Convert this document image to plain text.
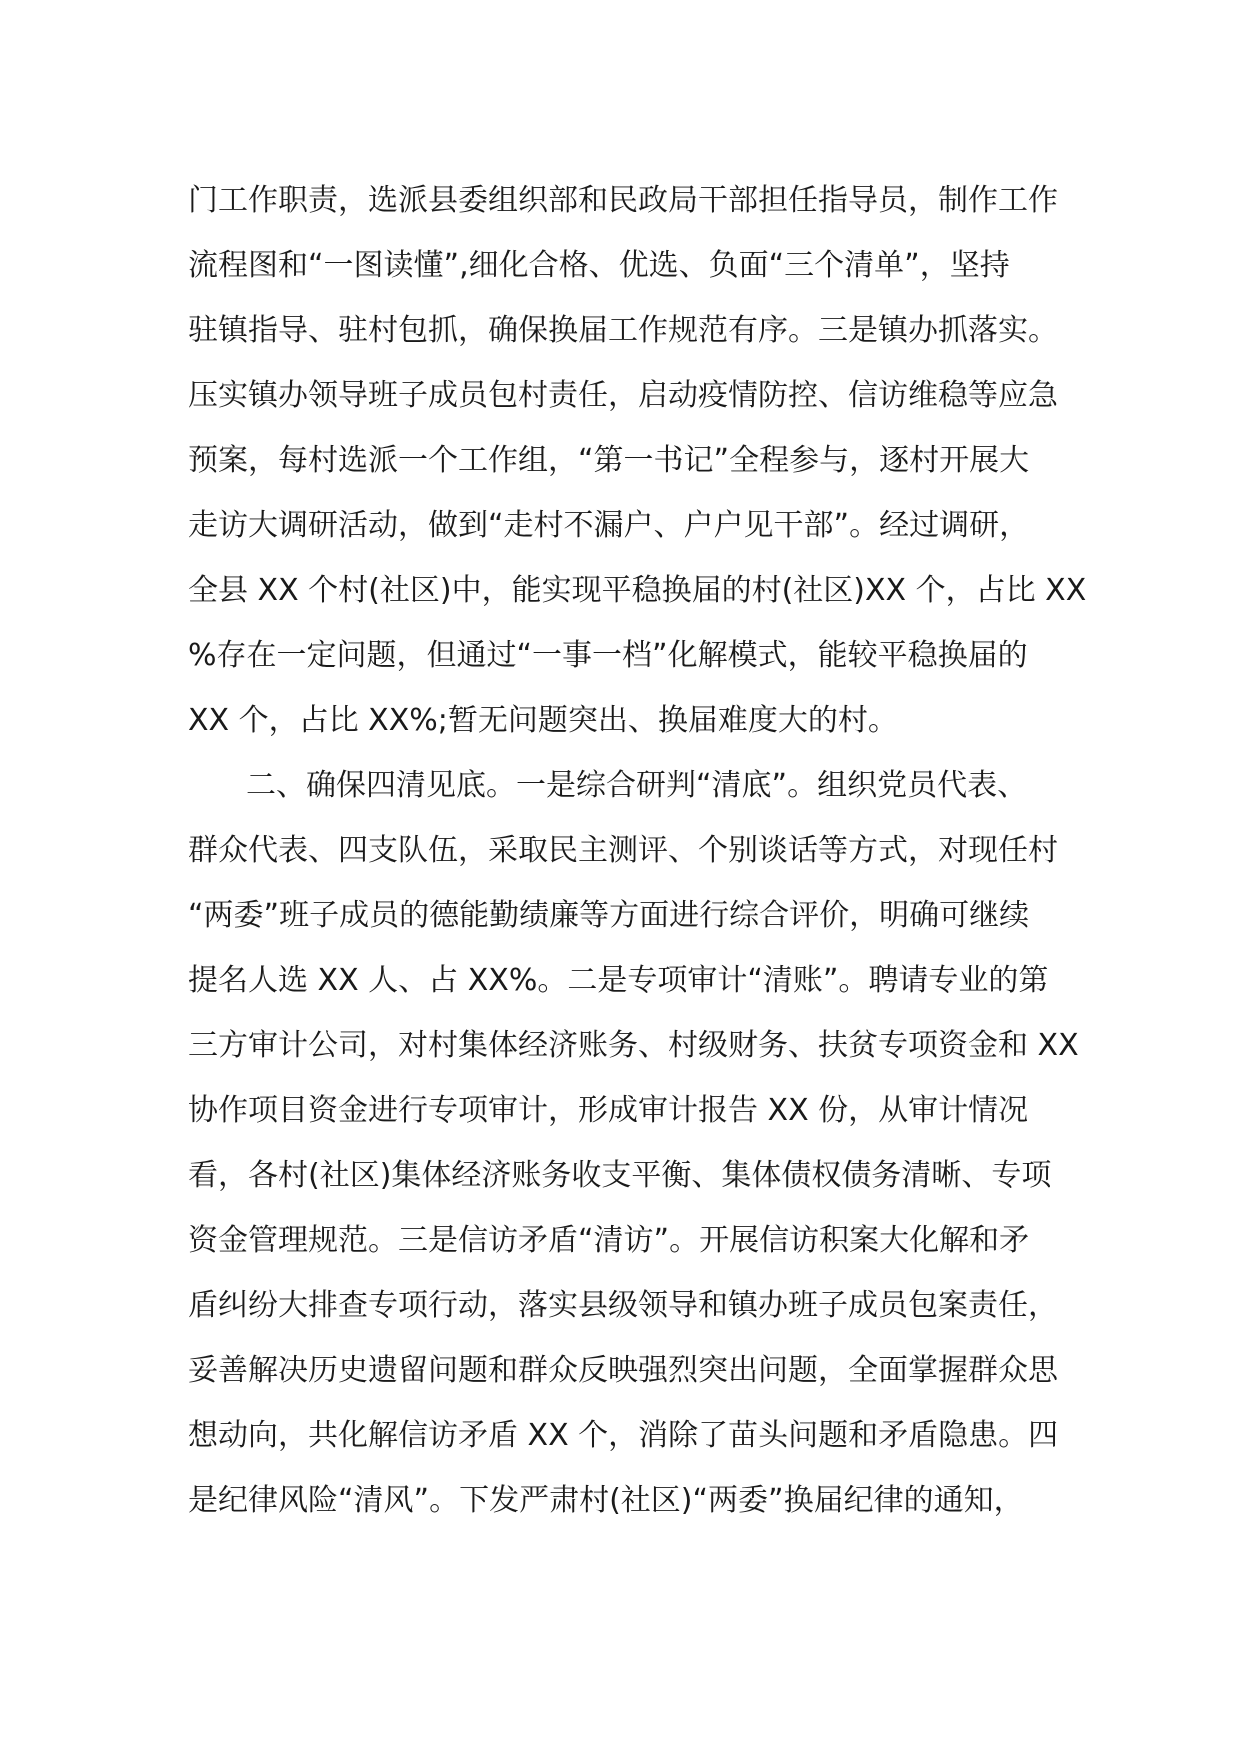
门工作职责，选派县委组织部和民政局干部担任指导员，制作工作
流程图和“一图读懂”,细化合格、优选、负面“三个清单”，坚持
驻镇指导、驻村包抓，确保换届工作规范有序。三是镇办抓落实。
压实镇办领导班子成员包村责任，启动疫情防控、信访维稳等应急
预案，每村选派一个工作组，“第一书记”全程参与，逐村开展大
走访大调研活动，做到“走村不漏户、户户见干部”。经过调研，
全县 XX 个村(社区)中，能实现平稳换届的村(社区)XX 个，占比 XX
%存在一定问题，但通过“一事一档”化解模式，能较平稳换届的
XX 个，占比 XX%;暂无问题突出、换届难度大的村。
二、确保四清见底。一是综合研判“清底”。组织党员代表、
群众代表、四支队伍，采取民主测评、个别谈话等方式，对现任村
“两委”班子成员的德能勤绩廉等方面进行综合评价，明确可继续
提名人选 XX 人、占 XX%。二是专项审计“清账”。聘请专业的第
三方审计公司，对村集体经济账务、村级财务、扶贫专项资金和 XX
协作项目资金进行专项审计，形成审计报告 XX 份，从审计情况
看，各村(社区)集体经济账务收支平衡、集体债权债务清晰、专项
资金管理规范。三是信访矛盾“清访”。开展信访积案大化解和矛
盾纠纷大排查专项行动，落实县级领导和镇办班子成员包案责任，
妥善解决历史遗留问题和群众反映强烈突出问题，全面掌握群众思
想动向，共化解信访矛盾 XX 个，消除了苗头问题和矛盾隐患。四
是纪律风险“清风”。下发严肃村(社区)“两委”换届纪律的通知，
